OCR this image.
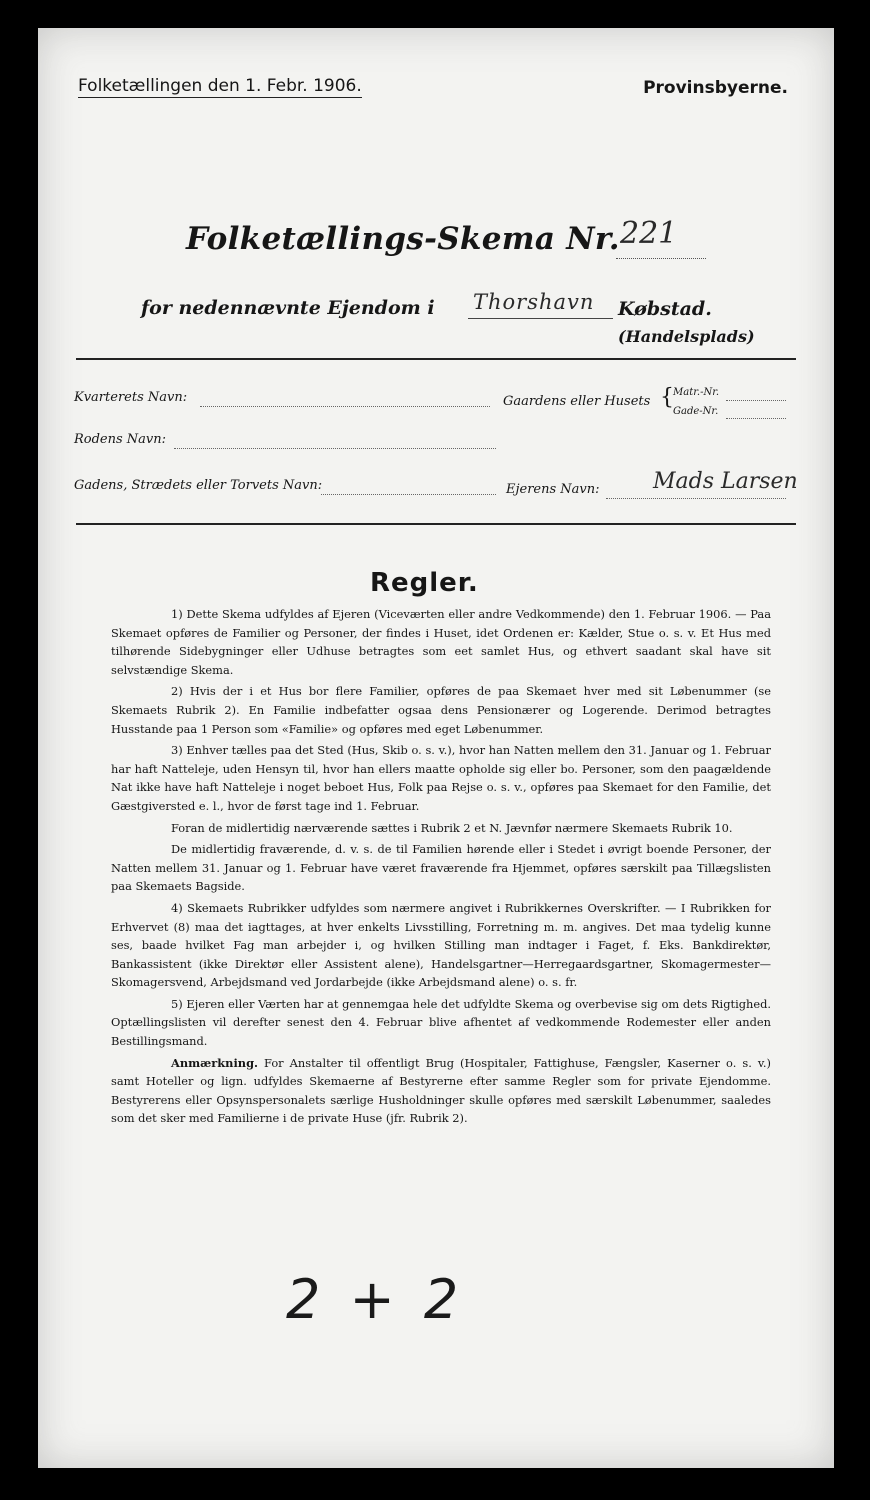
Folketællingen den 1. Febr. 1906.	Provinsbyerne.
Folketællings-Skema Nr. 221
for nedennævnte Ejendom i Thorshavn Købstad.
(Handelsplads)
Kvarterets Navn:	Gaardens eller Husets { Matr.-Nr.
Gade-Nr.
Rodens Navn:
Gadens, Strædets eller Torvets Navn:	Ejerens Navn: Mads Larsen
Regler.

1) Dette Skema udfyldes af Ejeren (Viceværten eller andre Vedkommende) den 1. Februar 1906. — Paa Skemaet opføres de Familier og Personer, der findes i Huset, idet Ordenen er: Kælder, Stue o. s. v. Et Hus med tilhørende Sidebygninger eller Udhuse betragtes som eet samlet Hus, og ethvert saadant skal have sit selvstændige Skema.

2) Hvis der i et Hus bor flere Familier, opføres de paa Skemaet hver med sit Løbenummer (se Skemaets Rubrik 2). En Familie indbefatter ogsaa dens Pensionærer og Logerende. Derimod betragtes Husstande paa 1 Person som «Familie» og opføres med eget Løbenummer.

3) Enhver tælles paa det Sted (Hus, Skib o. s. v.), hvor han Natten mellem den 31. Januar og 1. Februar har haft Natteleje, uden Hensyn til, hvor han ellers maatte opholde sig eller bo. Personer, som den paagældende Nat ikke have haft Natteleje i noget beboet Hus, Folk paa Rejse o. s. v., opføres paa Skemaet for den Familie, det Gæstgiversted e. l., hvor de først tage ind 1. Februar.

Foran de midlertidig nærværende sættes i Rubrik 2 et N. Jævnfør nærmere Skemaets Rubrik 10.

De midlertidig fraværende, d. v. s. de til Familien hørende eller i Stedet i øvrigt boende Personer, der Natten mellem 31. Januar og 1. Februar have været fraværende fra Hjemmet, opføres særskilt paa Tillægslisten paa Skemaets Bagside.

4) Skemaets Rubrikker udfyldes som nærmere angivet i Rubrikkernes Overskrifter. — I Rubrikken for Erhvervet (8) maa det iagttages, at hver enkelts Livsstilling, Forretning m. m. angives. Det maa tydelig kunne ses, baade hvilket Fag man arbejder i, og hvilken Stilling man indtager i Faget, f. Eks. Bankdirektør, Bankassistent (ikke Direktør eller Assistent alene), Handelsgartner—Herregaardsgartner, Skomagermester—Skomagersvend, Arbejdsmand ved Jordarbejde (ikke Arbejdsmand alene) o. s. fr.

5) Ejeren eller Værten har at gennemgaa hele det udfyldte Skema og overbevise sig om dets Rigtighed. Optællingslisten vil derefter senest den 4. Februar blive afhentet af vedkommende Rodemester eller anden Bestillingsmand.

Anmærkning. For Anstalter til offentligt Brug (Hospitaler, Fattighuse, Fængsler, Kaserner o. s. v.) samt Hoteller og lign. udfyldes Skemaerne af Bestyrerne efter samme Regler som for private Ejendomme. Bestyrerens eller Opsynspersonalets særlige Husholdninger skulle opføres med særskilt Løbenummer, saaledes som det sker med Familierne i de private Huse (jfr. Rubrik 2).

2 + 2
